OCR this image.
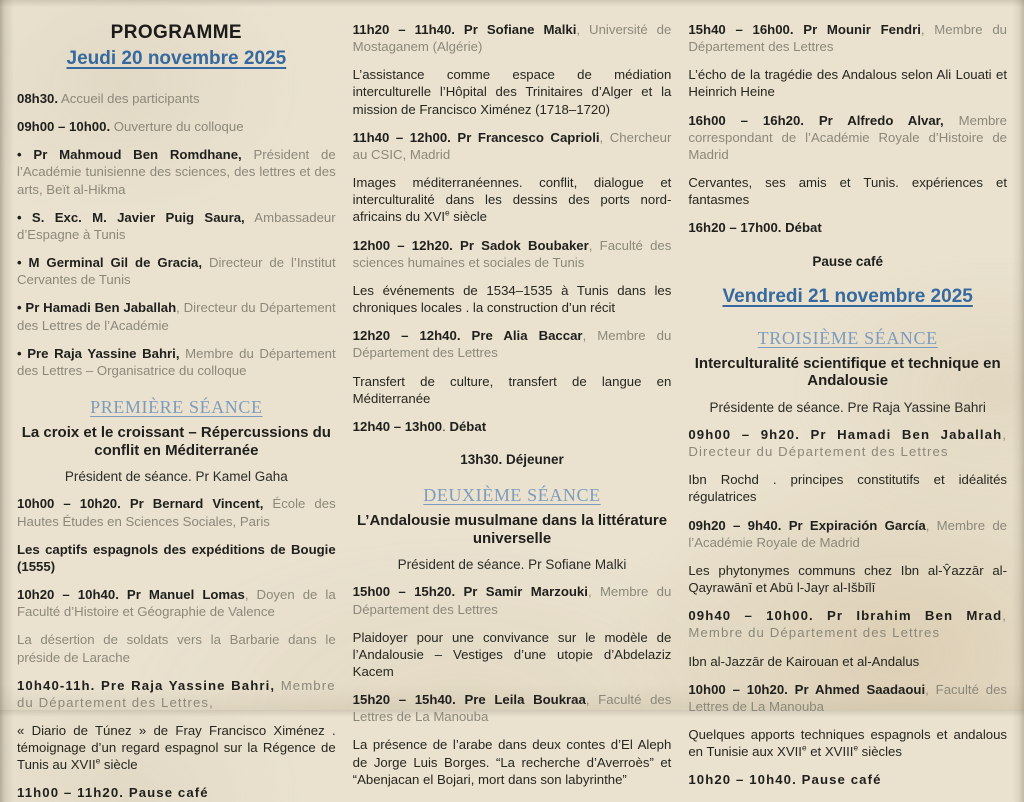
PROGRAMME
Jeudi 20 novembre 2025
08h30. Accueil des participants
09h00 – 10h00. Ouverture du colloque
• Pr Mahmoud Ben Romdhane, Président de l’Académie tunisienne des sciences, des lettres et des arts, Beït al-Hikma
• S. Exc. M. Javier Puig Saura, Ambassadeur d’Espagne à Tunis
• M Germinal Gil de Gracia, Directeur de l’Institut Cervantes de Tunis
• Pr Hamadi Ben Jaballah, Directeur du Département des Lettres de l’Académie
• Pre Raja Yassine Bahri, Membre du Département des Lettres – Organisatrice du colloque
PREMIÈRE SÉANCE
La croix et le croissant – Répercussions du conflit en Méditerranée
Président de séance. Pr Kamel Gaha
10h00 – 10h20. Pr Bernard Vincent, École des Hautes Études en Sciences Sociales, Paris
Les captifs espagnols des expéditions de Bougie (1555)
10h20 – 10h40. Pr Manuel Lomas, Doyen de la Faculté d’Histoire et Géographie de Valence
La désertion de soldats vers la Barbarie dans le préside de Larache
10h40-11h. Pre Raja Yassine Bahri, Membre du Département des Lettres,
« Diario de Túnez » de Fray Francisco Ximénez . témoignage d’un regard espagnol sur la Régence de Tunis au XVIIe siècle
11h00 – 11h20. Pause café
11h20 – 11h40. Pr Sofiane Malki, Université de Mostaganem (Algérie)
L’assistance comme espace de médiation interculturelle l’Hôpital des Trinitaires d’Alger et la mission de Francisco Ximénez (1718–1720)
11h40 – 12h00. Pr Francesco Caprioli, Chercheur au CSIC, Madrid
Images méditerranéennes. conflit, dialogue et interculturalité dans les dessins des ports nord-africains du XVIe siècle
12h00 – 12h20. Pr Sadok Boubaker, Faculté des sciences humaines et sociales de Tunis
Les événements de 1534–1535 à Tunis dans les chroniques locales . la construction d’un récit
12h20 – 12h40. Pre Alia Baccar, Membre du Département des Lettres
Transfert de culture, transfert de langue en Méditerranée
12h40 – 13h00. Débat
13h30. Déjeuner
DEUXIÈME SÉANCE
L’Andalousie musulmane dans la littérature universelle
Président de séance. Pr Sofiane Malki
15h00 – 15h20. Pr Samir Marzouki, Membre du Département des Lettres
Plaidoyer pour une convivance sur le modèle de l’Andalousie – Vestiges d’une utopie d’Abdelaziz Kacem
15h20 – 15h40. Pre Leila Boukraa, Faculté des Lettres de La Manouba
La présence de l’arabe dans deux contes d’El Aleph de Jorge Luis Borges. “La recherche d’Averroès” et “Abenjacan el Bojari, mort dans son labyrinthe”
15h40 – 16h00. Pr Mounir Fendri, Membre du Département des Lettres
L’écho de la tragédie des Andalous selon Ali Louati et Heinrich Heine
16h00 – 16h20. Pr Alfredo Alvar, Membre correspondant de l’Académie Royale d’Histoire de Madrid
Cervantes, ses amis et Tunis. expériences et fantasmes
16h20 – 17h00. Débat
Pause café
Vendredi 21 novembre 2025
TROISIÈME SÉANCE
Interculturalité scientifique et technique en Andalousie
Présidente de séance. Pre Raja Yassine Bahri
09h00 – 9h20. Pr Hamadi Ben Jaballah, Directeur du Département des Lettres
Ibn Rochd . principes constitutifs et idéalités régulatrices
09h20 – 9h40. Pr Expiración García, Membre de l’Académie Royale de Madrid
Les phytonymes communs chez Ibn al-Ŷazzār al-Qayrawānī et Abū l-Jayr al-Išbīlī
09h40 – 10h00. Pr Ibrahim Ben Mrad, Membre du Département des Lettres
Ibn al-Jazzār de Kairouan et al-Andalus
10h00 – 10h20. Pr Ahmed Saadaoui, Faculté des Lettres de La Manouba
Quelques apports techniques espagnols et andalous en Tunisie aux XVIIe et XVIIIe siècles
10h20 – 10h40. Pause café
